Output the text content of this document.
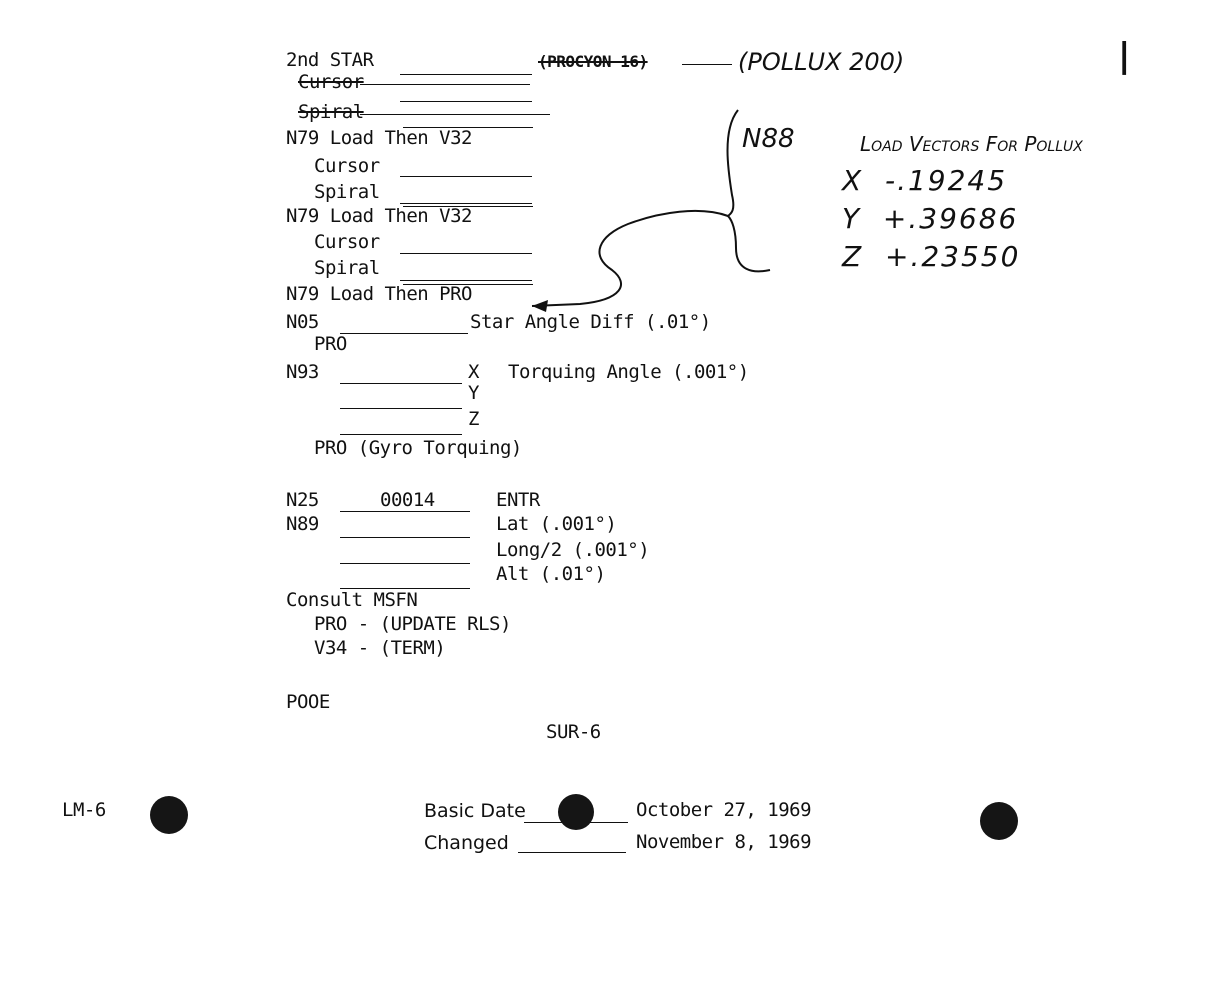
2nd STAR	(PROCYON 16)	(POLLUX 200)
Cursor
Spiral
N79 Load Then V32
Cursor
Spiral
N79 Load Then V32
Cursor
Spiral
N79 Load Then PRO
N05	Star Angle Diff (.01°)
PRO
N93	X Torquing Angle (.001°)
Y
Z
PRO (Gyro Torquing)
N25	00014	ENTR
N89	Lat (.001°)
Long/2 (.001°)
Alt (.01°)
Consult MSFN
PRO - (UPDATE RLS)
V34 - (TERM)
POOE
SUR-6
|
N88	Load Vectors For Pollux
X  -.19245
Y  +.39686
Z  +.23550
LM-6	Basic Date	October 27, 1969
Changed	November 8, 1969
